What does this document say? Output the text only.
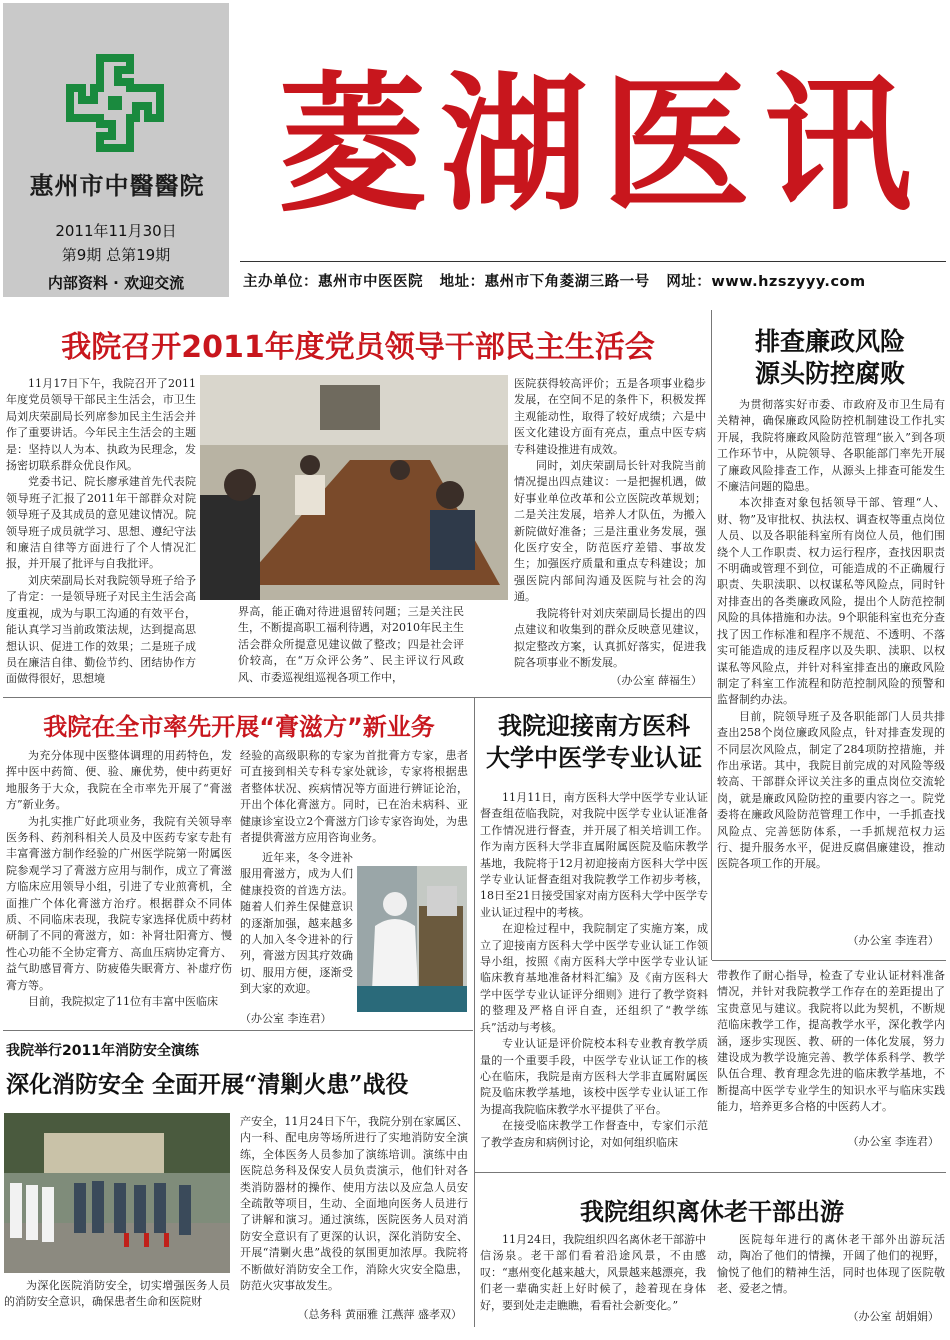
惠州市中醫醫院
2011年11月30日
第9期 总第19期
内部资料 · 欢迎交流
菱湖医讯
主办单位：惠州市中医医院 地址：惠州市下角菱湖三路一号 网址：www.hzszyyy.com
我院召开2011年度党员领导干部民主生活会

11月17日下午，我院召开了2011年度党员领导干部民主生活会，市卫生局刘庆荣副局长列席参加民主生活会并作了重要讲话。今年民主生活会的主题是：坚持以人为本、执政为民理念，发扬密切联系群众优良作风。

党委书记、院长廖承建首先代表院领导班子汇报了2011年干部群众对院领导班子及其成员的意见建议情况。院领导班子成员就学习、思想、遵纪守法和廉洁自律等方面进行了个人情况汇报，并开展了批评与自我批评。

刘庆荣副局长对我院领导班子给予了肯定：一是领导班子对民主生活会高度重视，成为与职工沟通的有效平台，能认真学习当前政策法规，达到提高思想认识、促进工作的效果；二是班子成员在廉洁自律、勤俭节约、团结协作方面做得很好，思想境

界高，能正确对待进退留转问题；三是关注民生，不断提高职工福利待遇，对2010年民主生活会群众所提意见建议做了整改；四是社会评价较高，在“万众评公务”、民主评议行风政风、市委巡视组巡视各项工作中，

医院获得较高评价；五是各项事业稳步发展，在空间不足的条件下，积极发挥主观能动性，取得了较好成绩；六是中医文化建设方面有亮点，重点中医专病专科建设推进有成效。

同时，刘庆荣副局长针对我院当前情况提出四点建议：一是把握机遇，做好事业单位改革和公立医院改革规划；二是关注发展，培养人才队伍，为搬入新院做好准备；三是注重业务发展，强化医疗安全，防范医疗差错、事故发生；加强医疗质量和重点专科建设；加强医院内部间沟通及医院与社会的沟通。

我院将针对刘庆荣副局长提出的四点建议和收集到的群众反映意见建议，拟定整改方案，认真抓好落实，促进我院各项事业不断发展。

（办公室 薛福生）
排查廉政风险
源头防控腐败

为贯彻落实好市委、市政府及市卫生局有关精神，确保廉政风险防控机制建设工作扎实开展，我院将廉政风险防范管理“嵌入”到各项工作环节中，从院领导、各职能部门率先开展了廉政风险排查工作，从源头上排查可能发生不廉洁问题的隐患。

本次排查对象包括领导干部、管理“人、财、物”及审批权、执法权、调查权等重点岗位人员、以及各职能科室所有岗位人员，他们围绕个人工作职责、权力运行程序，查找因职责不明确或管理不到位，可能造成的不正确履行职责、失职渎职、以权谋私等风险点，同时针对排查出的各类廉政风险，提出个人防范控制风险的具体措施和办法。9个职能科室也充分查找了因工作标准和程序不规范、不透明、不落实可能造成的违反程序以及失职、渎职、以权谋私等风险点，并针对科室排查出的廉政风险制定了科室工作流程和防范控制风险的预警和监督制约办法。

目前，院领导班子及各职能部门人员共排查出258个岗位廉政风险点，针对排查发现的不同层次风险点，制定了284项防控措施，并作出承诺。其中，我院目前完成的对风险等级较高、干部群众评议关注多的重点岗位交流轮岗，就是廉政风险防控的重要内容之一。院党委将在廉政风险防范管理工作中，一手抓查找风险点、完善惩防体系，一手抓规范权力运行、提升服务水平，促进反腐倡廉建设，推动医院各项工作的开展。

（办公室 李连君）
我院在全市率先开展“膏滋方”新业务

为充分体现中医整体调理的用药特色，发挥中医中药简、便、验、廉优势，使中药更好地服务于大众，我院在全市率先开展了“膏滋方”新业务。

为扎实推广好此项业务，我院有关领导率医务科、药剂科相关人员及中医药专家专赴有丰富膏滋方制作经验的广州医学院第一附属医院参观学习了膏滋方应用与制作，成立了膏滋方临床应用领导小组，引进了专业煎膏机，全面推广个体化膏滋方治疗。根据群众不同体质、不同临床表现，我院专家选择优质中药材研制了不同的膏滋方，如：补肾壮阳膏方、慢性心功能不全协定膏方、高血压病协定膏方、益气助感冒膏方、防疲倦失眠膏方、补虚疗伤膏方等。

目前，我院拟定了11位有丰富中医临床

经验的高级职称的专家为首批膏方专家，患者可直接到相关专科专家处就诊，专家将根据患者整体状况、疾病情况等方面进行辨证论治，开出个体化膏滋方。同时，已在治未病科、亚健康诊室设立2个膏滋方门诊专家咨询处，为患者提供膏滋方应用咨询业务。

近年来，冬令进补服用膏滋方，成为人们健康投资的首选方法。随着人们养生保健意识的逐渐加强，越来越多的人加入冬令进补的行列，膏滋方因其疗效确切、服用方便，逐渐受到大家的欢迎。

（办公室 李连君）
我院迎接南方医科
大学中医学专业认证

11月11日，南方医科大学中医学专业认证督查组莅临我院，对我院中医学专业认证准备工作情况进行督查，并开展了相关培训工作。作为南方医科大学非直属附属医院及临床教学基地，我院将于12月初迎接南方医科大学中医学专业认证督查组对我院教学工作初步考核，18日至21日接受国家对南方医科大学中医学专业认证过程中的考核。

在迎检过程中，我院制定了实施方案，成立了迎接南方医科大学中医学专业认证工作领导小组，按照《南方医科大学中医学专业认证临床教育基地准备材料汇编》及《南方医科大学中医学专业认证评分细则》进行了教学资料的整理及严格自评自查，还组织了“教学练兵”活动与考核。

专业认证是评价院校本科专业教育教学质量的一个重要手段，中医学专业认证工作的核心在临床，我院是南方医科大学非直属附属医院及临床教学基地，该校中医学专业认证工作为提高我院临床教学水平提供了平台。

在接受临床教学工作督查中，专家们示范了教学查房和病例讨论，对如何组织临床

带教作了耐心指导，检查了专业认证材料准备情况，并针对我院教学工作存在的差距提出了宝贵意见与建议。我院将以此为契机，不断规范临床教学工作，提高教学水平，深化教学内涵，逐步实现医、教、研的一体化发展，努力建设成为教学设施完善、教学体系科学、教学队伍合理、教育理念先进的临床教学基地，不断提高中医学专业学生的知识水平与临床实践能力，培养更多合格的中医药人才。

（办公室 李连君）
我院举行2011年消防安全演练
深化消防安全 全面开展“清剿火患”战役

为深化医院消防安全，切实增强医务人员的消防安全意识，确保患者生命和医院财

产安全，11月24日下午，我院分别在家属区、内一科、配电房等场所进行了实地消防安全演练，全体医务人员参加了演练培训。演练中由医院总务科及保安人员负责演示，他们针对各类消防器材的操作、使用方法以及应急人员安全疏散等项目，生动、全面地向医务人员进行了讲解和演习。通过演练，医院医务人员对消防安全意识有了更深的认识，深化消防安全、开展“清剿火患”战役的氛围更加浓厚。我院将不断做好消防安全工作，消除火灾安全隐患，防范火灾事故发生。

（总务科 黄丽雅 江燕萍 盛孝双）
我院组织离休老干部出游

11月24日，我院组织四名离休老干部游中信汤泉。老干部们看着沿途风景，不由感叹：“惠州变化越来越大，风景越来越漂亮，我们老一辈确实赶上好时候了，趁着现在身体好，要到处走走瞧瞧，看看社会新变化。”

医院每年进行的离休老干部外出游玩活动，陶冶了他们的情操，开阔了他们的视野，愉悦了他们的精神生活，同时也体现了医院敬老、爱老之情。

（办公室 胡娟娟）
